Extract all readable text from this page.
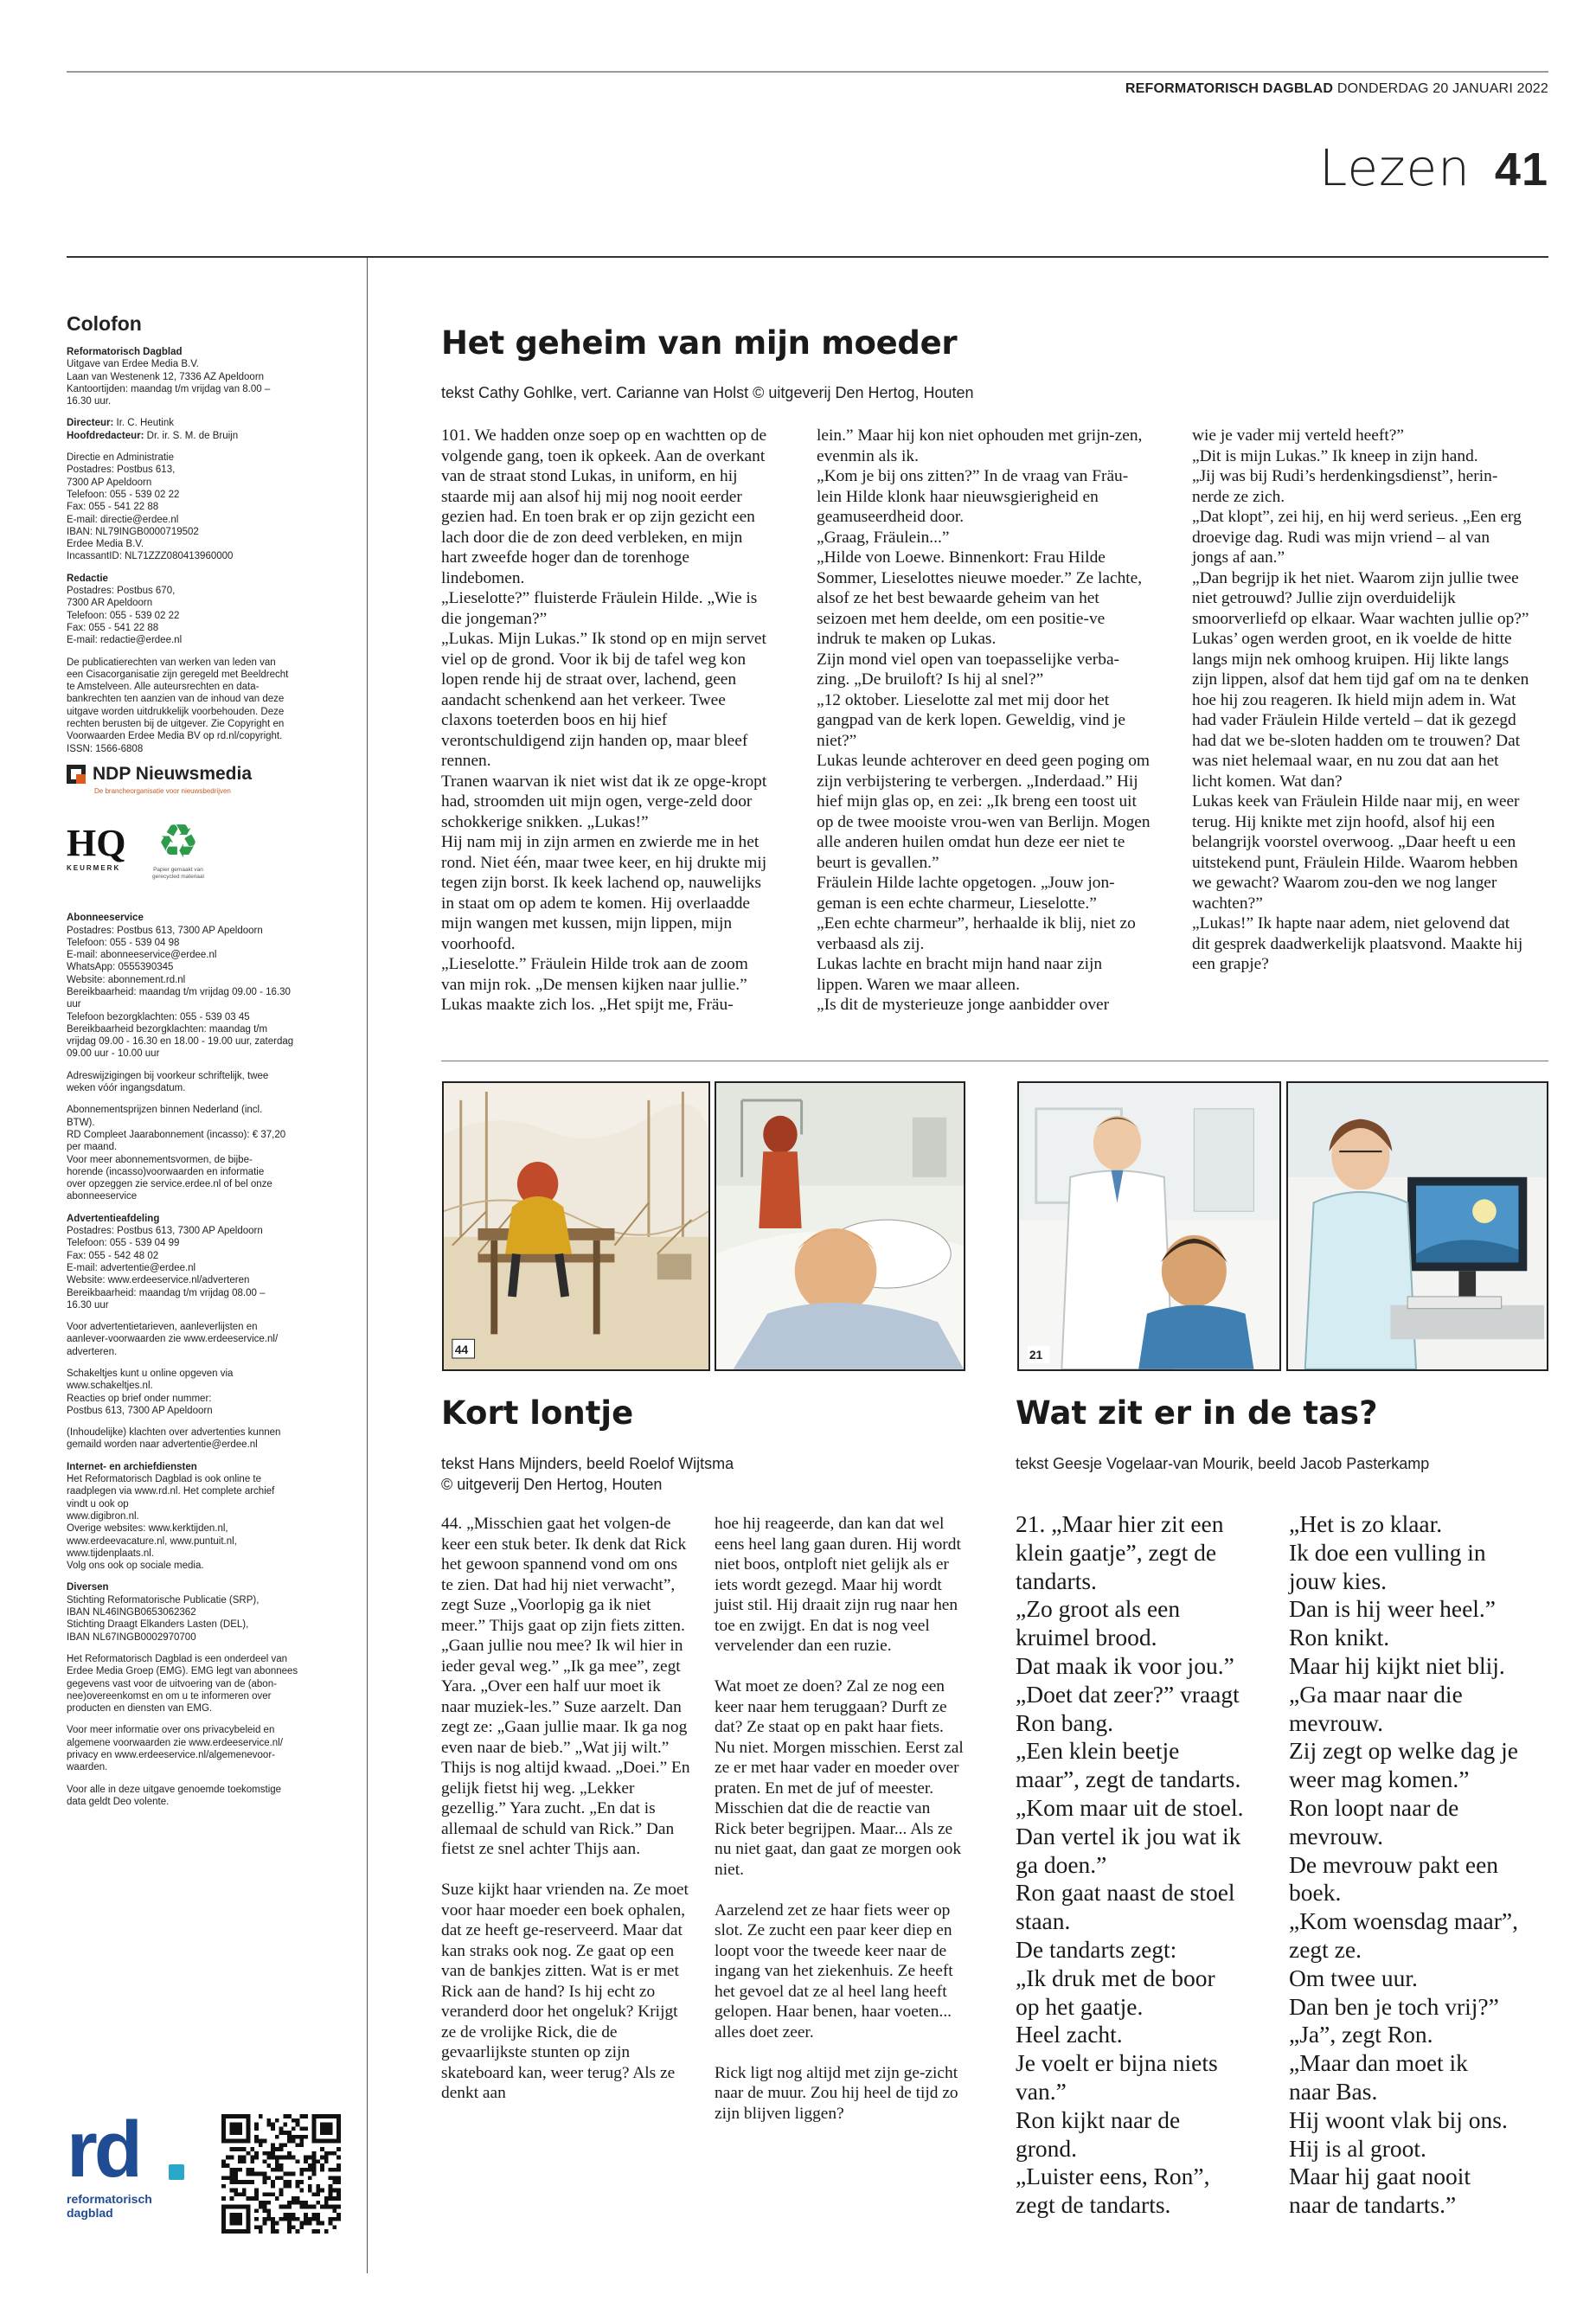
REFORMATORISCH DAGBLAD DONDERDAG 20 JANUARI 2022
Lezen 41
Colofon
Reformatorisch Dagblad
Uitgave van Erdee Media B.V.
Laan van Westenenk 12, 7336 AZ Apeldoorn
Kantoortijden: maandag t/m vrijdag van 8.00 –
16.30 uur.
Directeur: Ir. C. Heutink
Hoofdredacteur: Dr. ir. S. M. de Bruijn
Directie en Administratie
Postadres: Postbus 613,
7300 AP Apeldoorn
Telefoon: 055 - 539 02 22
Fax: 055 - 541 22 88
E-mail: directie@erdee.nl
IBAN: NL79INGB0000719502
Erdee Media B.V.
IncassantID: NL71ZZZ080413960000
Redactie
Postadres: Postbus 670,
7300 AR Apeldoorn
Telefoon: 055 - 539 02 22
Fax: 055 - 541 22 88
E-mail: redactie@erdee.nl
De publicatierechten van werken van leden van
een Cisacorganisatie zijn geregeld met Beeldrecht
te Amstelveen. Alle auteursrechten en data-
bankrechten ten aanzien van de inhoud van deze
uitgave worden uitdrukkelijk voorbehouden. Deze
rechten berusten bij de uitgever. Zie Copyright en
Voorwaarden Erdee Media BV op rd.nl/copyright.
ISSN: 1566-6808
NDP Nieuwsmedia
De brancheorganisatie voor nieuwsbedrijven
HQ
KEURMERK ♻
Papier gemaakt van gerecycled materiaal
Abonneeservice
Postadres: Postbus 613, 7300 AP Apeldoorn
Telefoon: 055 - 539 04 98
E-mail: abonneeservice@erdee.nl
WhatsApp: 0555390345
Website: abonnement.rd.nl
Bereikbaarheid: maandag t/m vrijdag 09.00 - 16.30
uur
Telefoon bezorgklachten: 055 - 539 03 45
Bereikbaarheid bezorgklachten: maandag t/m
vrijdag 09.00 - 16.30 en 18.00 - 19.00 uur, zaterdag
09.00 uur - 10.00 uur
Adreswijzigingen bij voorkeur schriftelijk, twee
weken vóór ingangsdatum.
Abonnementsprijzen binnen Nederland (incl.
BTW).
RD Compleet Jaarabonnement (incasso): € 37,20
per maand.
Voor meer abonnementsvormen, de bijbe-
horende (incasso)voorwaarden en informatie
over opzeggen zie service.erdee.nl of bel onze
abonneeservice
Advertentieafdeling
Postadres: Postbus 613, 7300 AP Apeldoorn
Telefoon: 055 - 539 04 99
Fax: 055 - 542 48 02
E-mail: advertentie@erdee.nl
Website: www.erdeeservice.nl/adverteren
Bereikbaarheid: maandag t/m vrijdag 08.00 –
16.30 uur
Voor advertentietarieven, aanleverlijsten en
aanlever-voorwaarden zie www.erdeeservice.nl/
adverteren.
Schakeltjes kunt u online opgeven via
www.schakeltjes.nl.
Reacties op brief onder nummer:
Postbus 613, 7300 AP Apeldoorn
(Inhoudelijke) klachten over advertenties kunnen
gemaild worden naar advertentie@erdee.nl
Internet- en archiefdiensten
Het Reformatorisch Dagblad is ook online te
raadplegen via www.rd.nl. Het complete archief
vindt u ook op
www.digibron.nl.
Overige websites: www.kerktijden.nl,
www.erdeevacature.nl, www.puntuit.nl,
www.tijdenplaats.nl.
Volg ons ook op sociale media.
Diversen
Stichting Reformatorische Publicatie (SRP),
IBAN NL46INGB0653062362
Stichting Draagt Elkanders Lasten (DEL),
IBAN NL67INGB0002970700
Het Reformatorisch Dagblad is een onderdeel van
Erdee Media Groep (EMG). EMG legt van abonnees
gegevens vast voor de uitvoering van de (abon-
nee)overeenkomst en om u te informeren over
producten en diensten van EMG.
Voor meer informatie over ons privacybeleid en
algemene voorwaarden zie www.erdeeservice.nl/
privacy en www.erdeeservice.nl/algemenevoor-
waarden.
Voor alle in deze uitgave genoemde toekomstige
data geldt Deo volente.
rd
reformatorisch
dagblad
Het geheim van mijn moeder
tekst Cathy Gohlke, vert. Carianne van Holst © uitgeverij Den Hertog, Houten

101. We hadden onze soep op en wachtten op de volgende gang, toen ik opkeek. Aan de overkant van de straat stond Lukas, in uniform, en hij staarde mij aan alsof hij mij nog nooit eerder gezien had. En toen brak er op zijn gezicht een lach door die de zon deed verbleken, en mijn hart zweefde hoger dan de torenhoge lindebomen.

„Lieselotte?” fluisterde Fräulein Hilde. „Wie is die jongeman?”

„Lukas. Mijn Lukas.” Ik stond op en mijn servet viel op de grond. Voor ik bij de tafel weg kon lopen rende hij de straat over, lachend, geen aandacht schenkend aan het verkeer. Twee claxons toeterden boos en hij hief verontschuldigend zijn handen op, maar bleef rennen.

Tranen waarvan ik niet wist dat ik ze opge-kropt had, stroomden uit mijn ogen, verge-zeld door schokkerige snikken. „Lukas!”

Hij nam mij in zijn armen en zwierde me in het rond. Niet één, maar twee keer, en hij drukte mij tegen zijn borst. Ik keek lachend op, nauwelijks in staat om op adem te komen. Hij overlaadde mijn wangen met kussen, mijn lippen, mijn voorhoofd.

„Lieselotte.” Fräulein Hilde trok aan de zoom van mijn rok. „De mensen kijken naar jullie.” Lukas maakte zich los. „Het spijt me, Fräu-

lein.” Maar hij kon niet ophouden met grijn-zen, evenmin als ik.

„Kom je bij ons zitten?” In de vraag van Fräu-lein Hilde klonk haar nieuwsgierigheid en geamuseerdheid door.

„Graag, Fräulein...”

„Hilde von Loewe. Binnenkort: Frau Hilde Sommer, Lieselottes nieuwe moeder.” Ze lachte, alsof ze het best bewaarde geheim van het seizoen met hem deelde, om een positie-ve indruk te maken op Lukas.

Zijn mond viel open van toepasselijke verba-zing. „De bruiloft? Is hij al snel?”

„12 oktober. Lieselotte zal met mij door het gangpad van de kerk lopen. Geweldig, vind je niet?”

Lukas leunde achterover en deed geen poging om zijn verbijstering te verbergen. „Inderdaad.” Hij hief mijn glas op, en zei: „Ik breng een toost uit op de twee mooiste vrou-wen van Berlijn. Mogen alle anderen huilen omdat hun deze eer niet te beurt is gevallen.”

Fräulein Hilde lachte opgetogen. „Jouw jon-geman is een echte charmeur, Lieselotte.”

„Een echte charmeur”, herhaalde ik blij, niet zo verbaasd als zij.

Lukas lachte en bracht mijn hand naar zijn lippen. Waren we maar alleen.

„Is dit de mysterieuze jonge aanbidder over

wie je vader mij verteld heeft?”

„Dit is mijn Lukas.” Ik kneep in zijn hand.

„Jij was bij Rudi’s herdenkingsdienst”, herin-nerde ze zich.

„Dat klopt”, zei hij, en hij werd serieus. „Een erg droevige dag. Rudi was mijn vriend – al van jongs af aan.”

„Dan begrijp ik het niet. Waarom zijn jullie twee niet getrouwd? Jullie zijn overduidelijk smoorverliefd op elkaar. Waar wachten jullie op?”

Lukas’ ogen werden groot, en ik voelde de hitte langs mijn nek omhoog kruipen. Hij likte langs zijn lippen, alsof dat hem tijd gaf om na te denken hoe hij zou reageren. Ik hield mijn adem in. Wat had vader Fräulein Hilde verteld – dat ik gezegd had dat we be-sloten hadden om te trouwen? Dat was niet helemaal waar, en nu zou dat aan het licht komen. Wat dan?

Lukas keek van Fräulein Hilde naar mij, en weer terug. Hij knikte met zijn hoofd, alsof hij een belangrijk voorstel overwoog. „Daar heeft u een uitstekend punt, Fräulein Hilde. Waarom hebben we gewacht? Waarom zou-den we nog langer wachten?”

„Lukas!” Ik hapte naar adem, niet gelovend dat dit gesprek daadwerkelijk plaatsvond. Maakte hij een grapje?

44	21
Kort lontje
tekst Hans Mijnders, beeld Roelof Wijtsma
© uitgeverij Den Hertog, Houten

44. „Misschien gaat het volgen-de keer een stuk beter. Ik denk dat Rick het gewoon spannend vond om ons te zien. Dat had hij niet verwacht”, zegt Suze „Voorlopig ga ik niet meer.” Thijs gaat op zijn fiets zitten. „Gaan jullie nou mee? Ik wil hier in ieder geval weg.” „Ik ga mee”, zegt Yara. „Over een half uur moet ik naar muziek-les.” Suze aarzelt. Dan zegt ze: „Gaan jullie maar. Ik ga nog even naar de bieb.” „Wat jij wilt.” Thijs is nog altijd kwaad. „Doei.” En gelijk fietst hij weg. „Lekker gezellig.” Yara zucht. „En dat is allemaal de schuld van Rick.” Dan fietst ze snel achter Thijs aan.

Suze kijkt haar vrienden na. Ze moet voor haar moeder een boek ophalen, dat ze heeft ge-reserveerd. Maar dat kan straks ook nog. Ze gaat op een van de bankjes zitten. Wat is er met Rick aan de hand? Is hij echt zo veranderd door het ongeluk? Krijgt ze de vrolijke Rick, die de gevaarlijkste stunten op zijn skateboard kan, weer terug? Als ze denkt aan

hoe hij reageerde, dan kan dat wel eens heel lang gaan duren. Hij wordt niet boos, ontploft niet gelijk als er iets wordt gezegd. Maar hij wordt juist stil. Hij draait zijn rug naar hen toe en zwijgt. En dat is nog veel vervelender dan een ruzie.

Wat moet ze doen? Zal ze nog een keer naar hem teruggaan? Durft ze dat? Ze staat op en pakt haar fiets. Nu niet. Morgen misschien. Eerst zal ze er met haar vader en moeder over praten. En met de juf of meester. Misschien dat die de reactie van Rick beter begrijpen. Maar... Als ze nu niet gaat, dan gaat ze morgen ook niet.

Aarzelend zet ze haar fiets weer op slot. Ze zucht een paar keer diep en loopt voor the tweede keer naar de ingang van het ziekenhuis. Ze heeft het gevoel dat ze al heel lang heeft gelopen. Haar benen, haar voeten... alles doet zeer.

Rick ligt nog altijd met zijn ge-zicht naar de muur. Zou hij heel de tijd zo zijn blijven liggen?

Wat zit er in de tas?
tekst Geesje Vogelaar-van Mourik, beeld Jacob Pasterkamp
21. „Maar hier zit een
klein gaatje”, zegt de
tandarts.
„Zo groot als een
kruimel brood.
Dat maak ik voor jou.”
„Doet dat zeer?” vraagt
Ron bang.
„Een klein beetje
maar”, zegt de tandarts.
„Kom maar uit de stoel.
Dan vertel ik jou wat ik
ga doen.”
Ron gaat naast de stoel
staan.
De tandarts zegt:
„Ik druk met de boor
op het gaatje.
Heel zacht.
Je voelt er bijna niets
van.”
Ron kijkt naar de
grond.
„Luister eens, Ron”,
zegt de tandarts.
„Het is zo klaar.
Ik doe een vulling in
jouw kies.
Dan is hij weer heel.”
Ron knikt.
Maar hij kijkt niet blij.
„Ga maar naar die
mevrouw.
Zij zegt op welke dag je
weer mag komen.”
Ron loopt naar de
mevrouw.
De mevrouw pakt een
boek.
„Kom woensdag maar”,
zegt ze.
Om twee uur.
Dan ben je toch vrij?”
„Ja”, zegt Ron.
„Maar dan moet ik
naar Bas.
Hij woont vlak bij ons.
Hij is al groot.
Maar hij gaat nooit
naar de tandarts.”
